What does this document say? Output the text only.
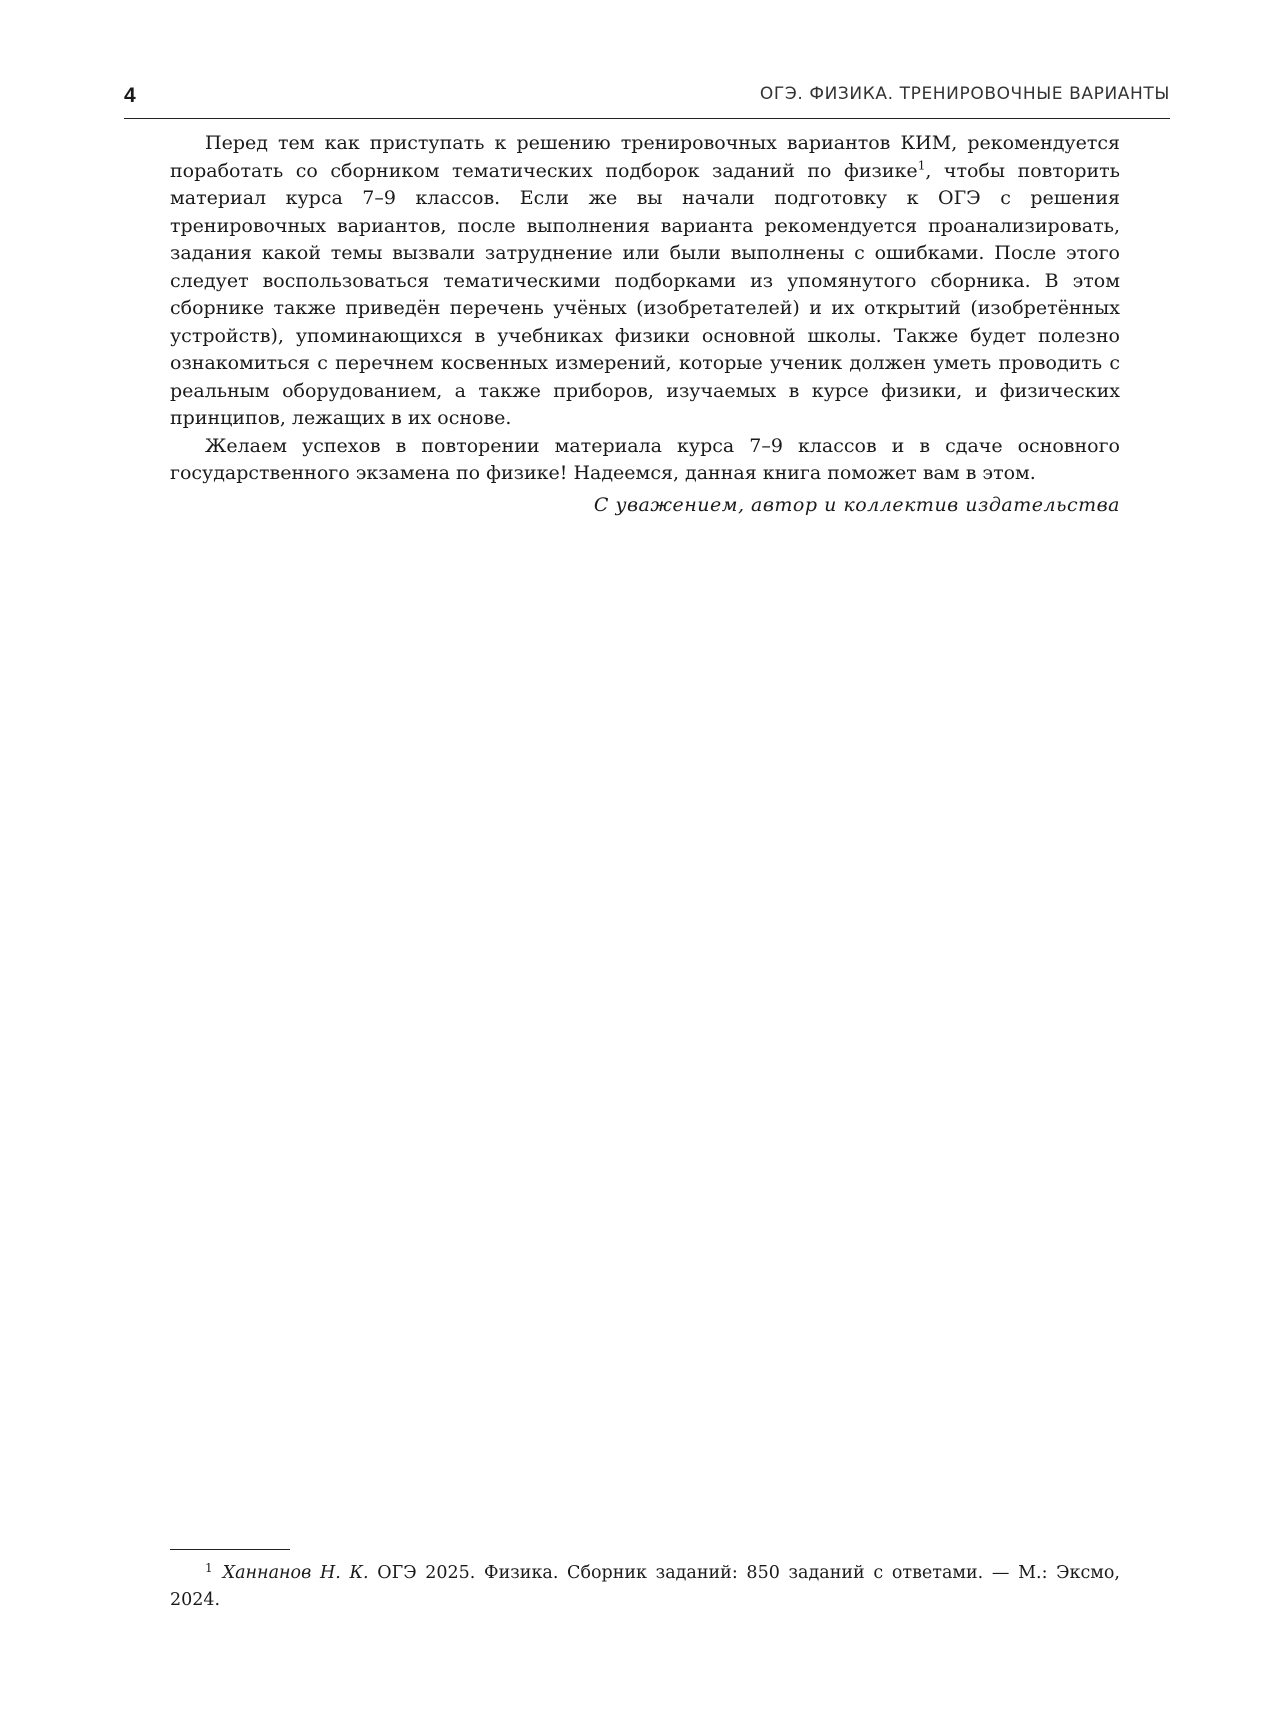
4	ОГЭ. ФИЗИКА. ТРЕНИРОВОЧНЫЕ ВАРИАНТЫ

Перед тем как приступать к решению тренировочных вариантов КИМ, рекомендуется поработать со сборником тематических подборок заданий по физике$^1$, чтобы повторить материал курса 7–9 классов. Если же вы начали подготовку к ОГЭ с решения тренировочных вариантов, после выполнения варианта рекомендуется проанализировать, задания какой темы вызвали затруднение или были выполнены с ошибками. После этого следует воспользоваться тематическими подборками из упомянутого сборника. В этом сборнике также приведён перечень учёных (изобретателей) и их открытий (изобретённых устройств), упоминающихся в учебниках физики основной школы. Также будет полезно ознакомиться с перечнем косвенных измерений, которые ученик должен уметь проводить с реальным оборудованием, а также приборов, изучаемых в курсе физики, и физических принципов, лежащих в их основе.

Желаем успехов в повторении материала курса 7–9 классов и в сдаче основного государственного экзамена по физике! Надеемся, данная книга поможет вам в этом.

С уважением, автор и коллектив издательства
$^1$ Ханнанов Н. К. ОГЭ 2025. Физика. Сборник заданий: 850 заданий с ответами. — М.: Эксмо, 2024.
